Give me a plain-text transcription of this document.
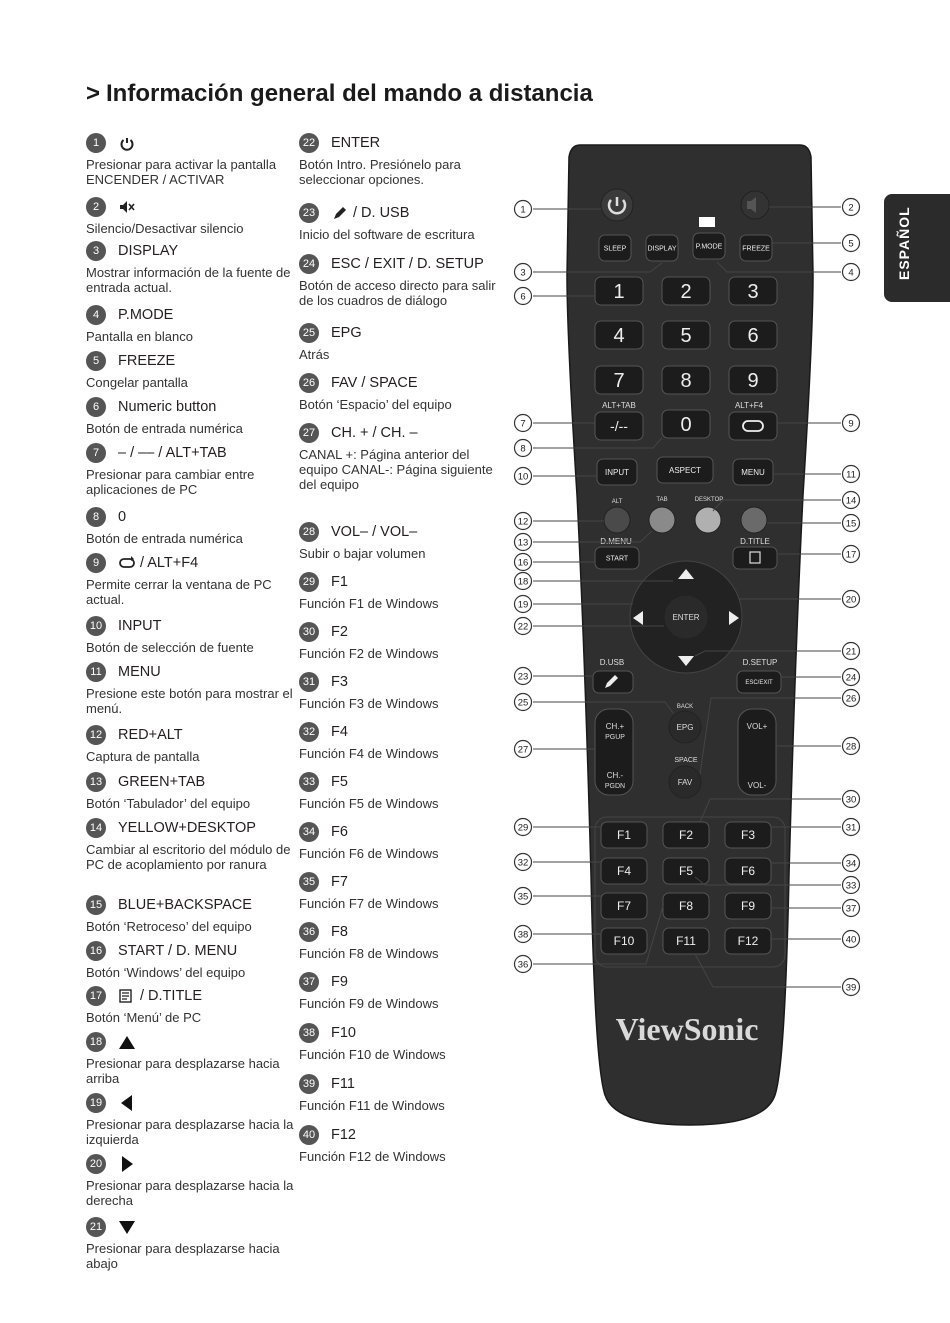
> Información general del mando a distancia
ESPAÑOL
1
Presionar para activar la pantalla ENCENDER / ACTIVAR
2
Silencio/Desactivar silencio
3	DISPLAY
Mostrar información de la fuente de entrada actual.
4	P.MODE
Pantalla en blanco
5	FREEZE
Congelar pantalla
6	Numeric button
Botón de entrada numérica
7	– / –– / ALT+TAB
Presionar para cambiar entre aplicaciones de PC
8	0
Botón de entrada numérica
9	/ ALT+F4
Permite cerrar la ventana de PC actual.
10 INPUT
Botón de selección de fuente
11 MENU
Presione este botón para mostrar el menú.
12 RED+ALT
Captura de pantalla
13 GREEN+TAB
Botón ‘Tabulador’ del equipo
14 YELLOW+DESKTOP
Cambiar al escritorio del módulo de PC de acoplamiento por ranura
15 BLUE+BACKSPACE
Botón ‘Retroceso’ del equipo
16 START / D. MENU
Botón ‘Windows’ del equipo
17	/ D.TITLE
Botón ‘Menú’ de PC
18
Presionar para desplazarse hacia arriba
19
Presionar para desplazarse hacia la izquierda
20
Presionar para desplazarse hacia la derecha
21
Presionar para desplazarse hacia abajo
22 ENTER
Botón Intro. Presiónelo para seleccionar opciones.
23	/ D. USB
Inicio del software de escritura
24 ESC / EXIT / D. SETUP
Botón de acceso directo para salir de los cuadros de diálogo
25 EPG
Atrás
26 FAV / SPACE
Botón ‘Espacio’ del equipo
27 CH. + / CH. –
CANAL +: Página anterior del equipo CANAL-: Página siguiente del equipo
28 VOL– / VOL–
Subir o bajar volumen
29 F1
Función F1 de Windows
30 F2
Función F2 de Windows
31 F3
Función F3 de Windows
32 F4
Función F4 de Windows
33 F5
Función F5 de Windows
34 F6
Función F6 de Windows
35 F7
Función F7 de Windows
36 F8
Función F8 de Windows
37 F9
Función F9 de Windows
38 F10
Función F10 de Windows
39 F11
Función F11 de Windows
40 F12
Función F12 de Windows
SLEEP	DISPLAY	P.MODE	FREEZE
1	2	3
4	5	6
7	8	9
ALT+TAB	ALT+F4
-/--	0
INPUT	ASPECT	MENU
ALT	TAB	DESKTOP
D.MENU	D.TITLE
START
ENTER
D.USB	D.SETUP
ESC/EXIT
BACK
CH.+
PGUP
CH.-
PGDN
EPG
SPACE
FAV
VOL+
VOL-
F1	F2	F3
F4	F5	F6
F7	F8	F9
F10	F11	F12
1	2
3	4
5
6
7
8
9
10	11
12
13
14
15
16
17
18
19	20
21
22
23	24
25	26
27	28
29
30
31
32
33
34
35
36
37
38
39
40
ViewSonic
